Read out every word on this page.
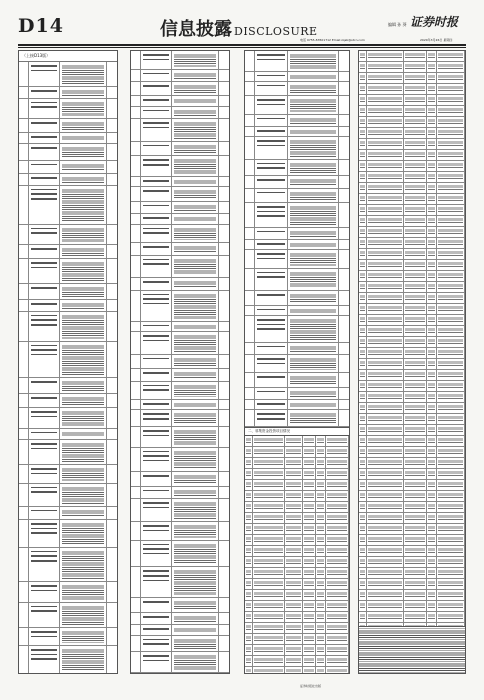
D14	信息披露 DISCLOSURE
编辑 孙 葵 证券时报
电话 0755-83501712 Email:zqsb@stcn.com	2020年3月26日 星期四
（上接D13版）
二、募集资金投资项目情况
证券时报社出版
